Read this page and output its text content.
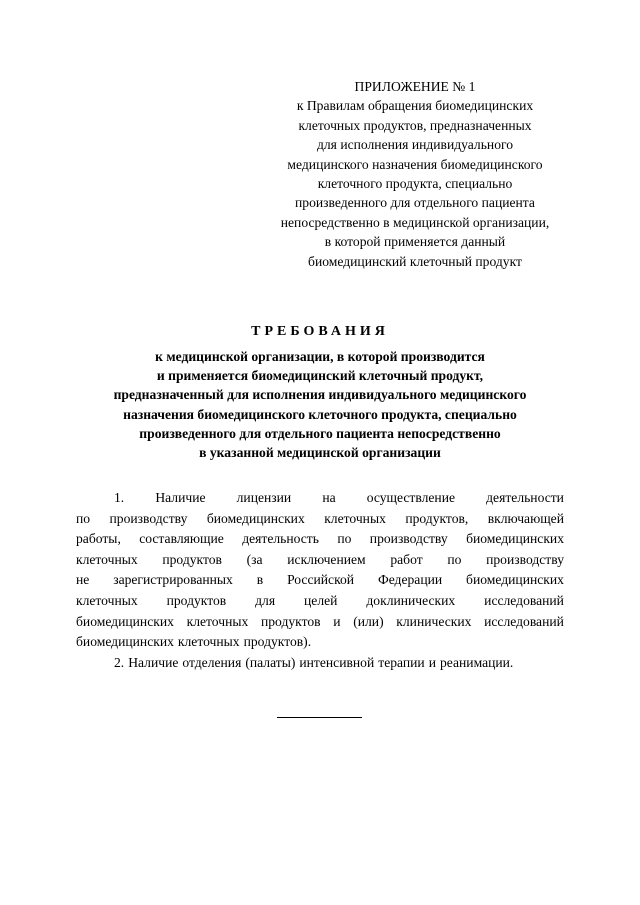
ПРИЛОЖЕНИЕ № 1
к Правилам обращения биомедицинских
клеточных продуктов, предназначенных
для исполнения индивидуального
медицинского назначения биомедицинского
клеточного продукта, специально
произведенного для отдельного пациента
непосредственно в медицинской организации,
в которой применяется данный
биомедицинский клеточный продукт
ТРЕБОВАНИЯ
к медицинской организации, в которой производится
и применяется биомедицинский клеточный продукт,
предназначенный для исполнения индивидуального медицинского
назначения биомедицинского клеточного продукта, специально
произведенного для отдельного пациента непосредственно
в указанной медицинской организации
1. Наличие лицензии на осуществление деятельности
по производству биомедицинских клеточных продуктов, включающей
работы, составляющие деятельность по производству биомедицинских
клеточных продуктов (за исключением работ по производству
не зарегистрированных в Российской Федерации биомедицинских
клеточных продуктов для целей доклинических исследований
биомедицинских клеточных продуктов и (или) клинических исследований
биомедицинских клеточных продуктов).
2. Наличие отделения (палаты) интенсивной терапии и реанимации.
